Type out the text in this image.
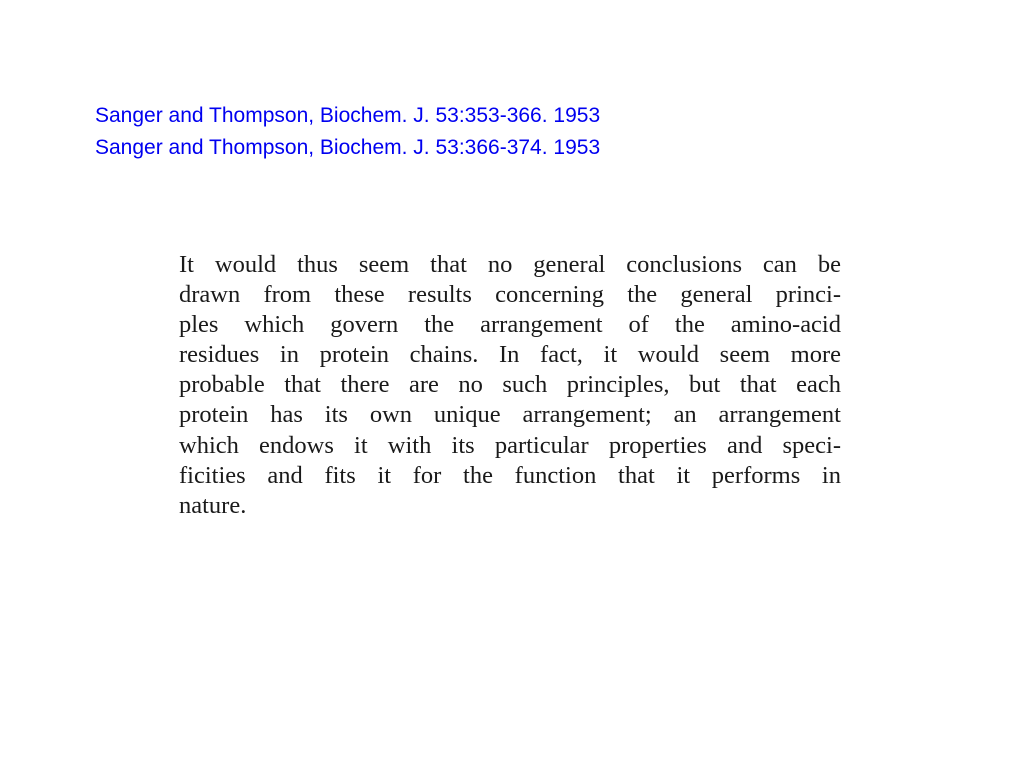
Sanger and Thompson, Biochem. J. 53:353-366. 1953
Sanger and Thompson, Biochem. J. 53:366-374. 1953
It would thus seem that no general conclusions can be
drawn from these results concerning the general princi-
ples which govern the arrangement of the amino-acid
residues in protein chains. In fact, it would seem more
probable that there are no such principles, but that each
protein has its own unique arrangement; an arrangement
which endows it with its particular properties and speci-
ficities and fits it for the function that it performs in
nature.
